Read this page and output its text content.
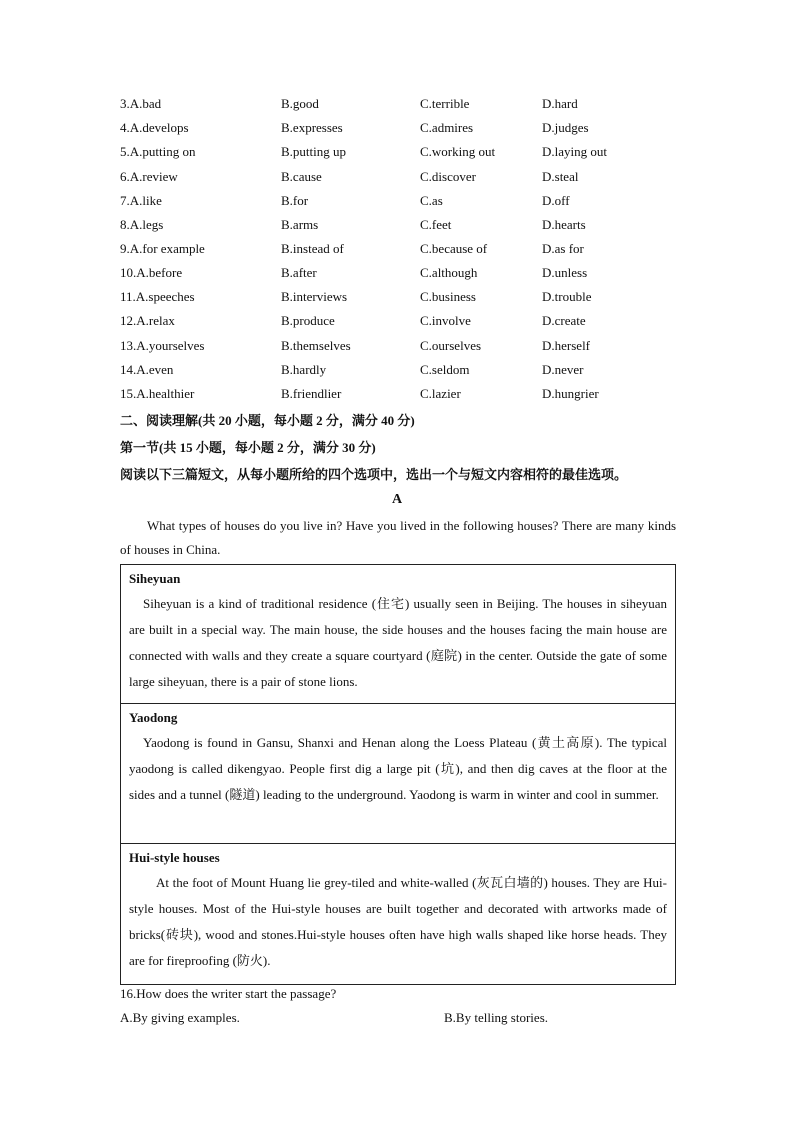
3.A.bad	B.good	C.terrible	D.hard
4.A.develops	B.expresses	C.admires	D.judges
5.A.putting on	B.putting up	C.working out	D.laying out
6.A.review	B.cause	C.discover	D.steal
7.A.like	B.for	C.as	D.off
8.A.legs	B.arms	C.feet	D.hearts
9.A.for example	B.instead of	C.because of	D.as for
10.A.before	B.after	C.although	D.unless
11.A.speeches	B.interviews	C.business	D.trouble
12.A.relax	B.produce	C.involve	D.create
13.A.yourselves	B.themselves	C.ourselves	D.herself
14.A.even	B.hardly	C.seldom	D.never
15.A.healthier	B.friendlier	C.lazier	D.hungrier
二、阅读理解(共 20 小题，每小题 2 分，满分 40 分)
第一节(共 15 小题，每小题 2 分，满分 30 分)
阅读以下三篇短文，从每小题所给的四个选项中，选出一个与短文内容相符的最佳选项。
A
What types of houses do you live in? Have you lived in the following houses? There are many kinds of houses in China.
Siheyuan
Siheyuan is a kind of traditional residence (住宅) usually seen in Beijing. The houses in siheyuan are built in a special way. The main house, the side houses and the houses facing the main house are connected with walls and they create a square courtyard (庭院) in the center. Outside the gate of some large siheyuan, there is a pair of stone lions.
Yaodong
Yaodong is found in Gansu, Shanxi and Henan along the Loess Plateau (黄土高原). The typical yaodong is called dikengyao. People first dig a large pit (坑), and then dig caves at the floor at the sides and a tunnel (隧道) leading to the underground. Yaodong is warm in winter and cool in summer.
Hui-style houses
At the foot of Mount Huang lie grey-tiled and white-walled (灰瓦白墙的) houses. They are Hui-style houses. Most of the Hui-style houses are built together and decorated with artworks made of bricks(砖块), wood and stones.Hui-style houses often have high walls shaped like horse heads. They are for fireproofing (防火).
16.How does the writer start the passage?
A.By giving examples.	B.By telling stories.
